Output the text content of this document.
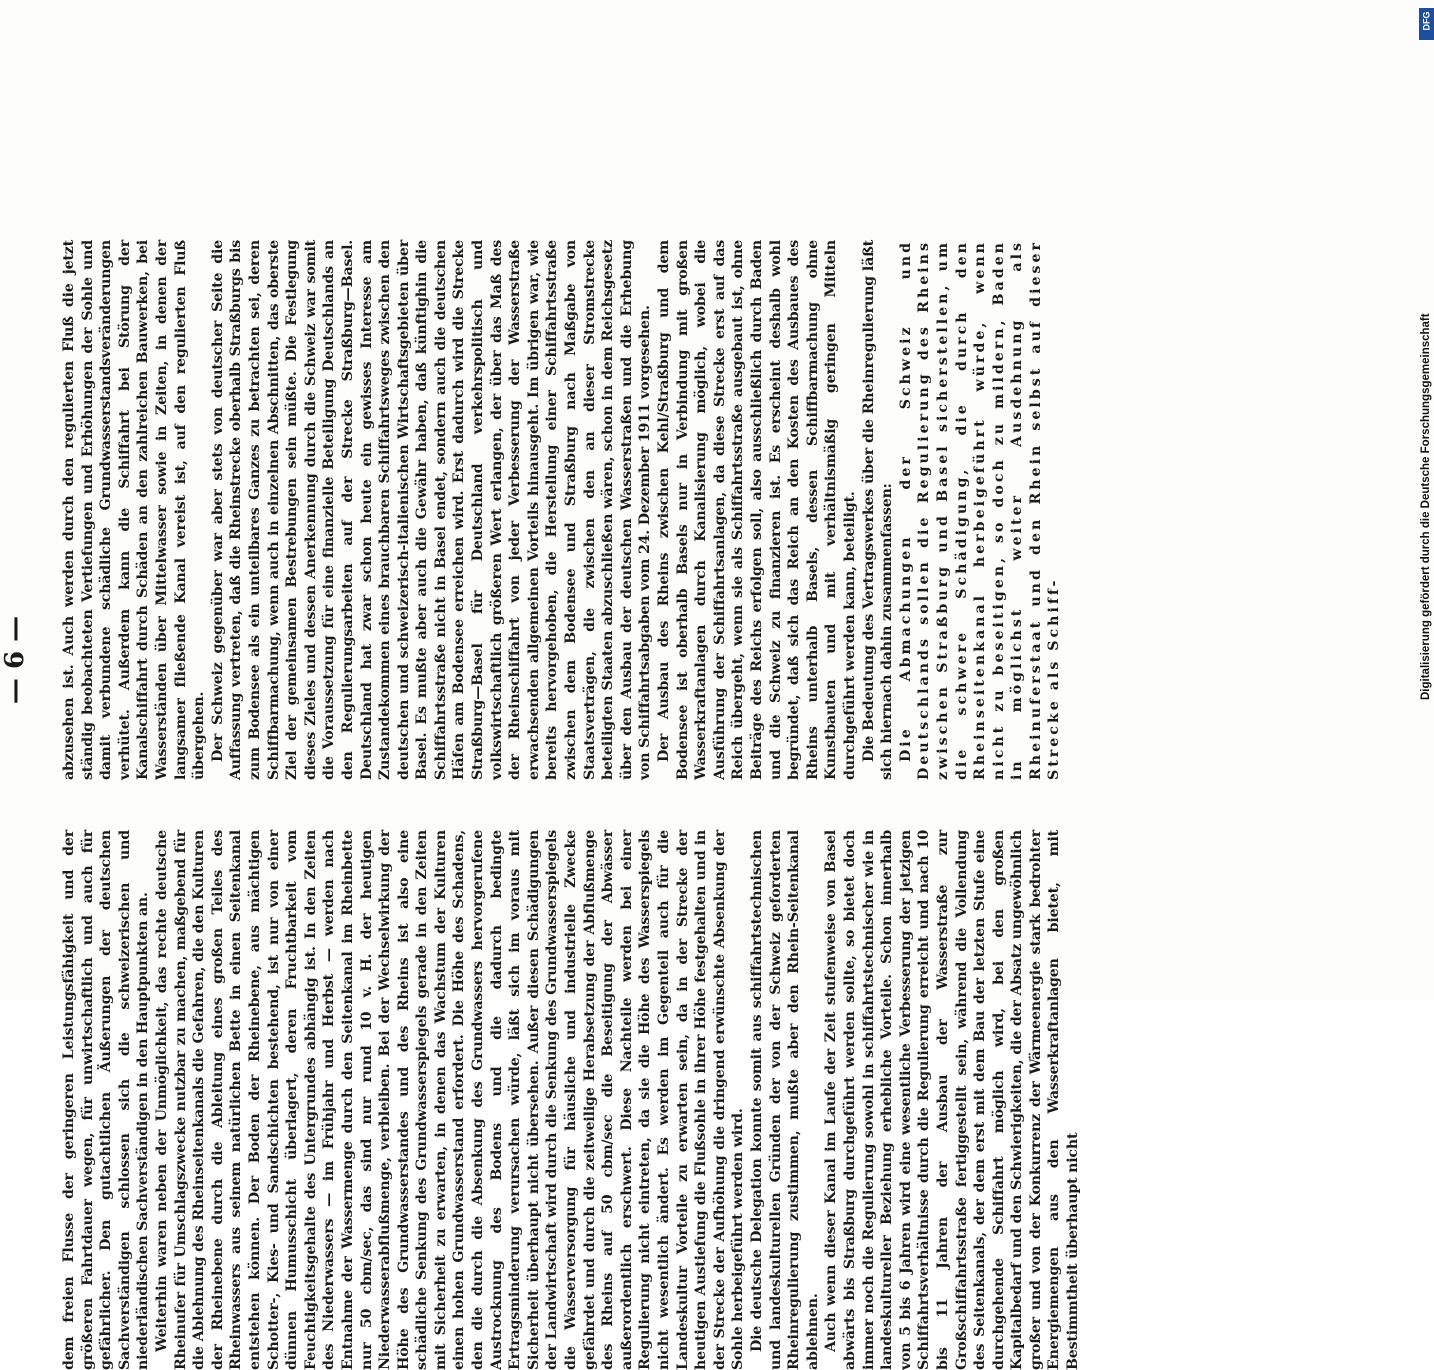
— 6 —

dem freien Flusse der geringeren Leistungsfähigkeit und der größeren Fahrtdauer wegen, für unwirtschaftlich und auch für gefährlicher. Den gutachtlichen Äußerungen der deutschen Sachverständigen schlossen sich die schweizerischen und niederländischen Sachverständigen in den Hauptpunkten an. Weiterhin waren neben der Unmöglichkeit, das rechte deutsche Rheinufer für Umschlagszwecke nutzbar zu machen, maßgebend für die Ablehnung des Rheinseitenkanals die Gefahren, die den Kulturen der Rheinebene durch die Ableitung eines großen Teiles des Rheinwassers aus seinem natürlichen Bette in einen Seitenkanal entstehen können. Der Boden der Rheinebene, aus mächtigen Schotter-, Kies- und Sandschichten bestehend, ist nur von einer dünnen Humusschicht überlagert, deren Fruchtbarkeit vom Feuchtigkeitsgehalte des Untergrundes abhängig ist. In den Zeiten des Niederwassers — im Frühjahr und Herbst — werden nach Entnahme der Wassermenge durch den Seitenkanal im Rheinbette nur 50 cbm/sec, das sind nur rund 10 v. H. der heutigen Niederwasserabflußmenge, verbleiben. Bei der Wechselwirkung der Höhe des Grundwasserstandes und des Rheins ist also eine schädliche Senkung des Grundwasserspiegels gerade in den Zeiten mit Sicherheit zu erwarten, in denen das Wachstum der Kulturen einen hohen Grundwasserstand erfordert. Die Höhe des Schadens, den die durch die Absenkung des Grundwassers hervorgerufene Austrocknung des Bodens und die dadurch bedingte Ertragsminderung verursachen würde, läßt sich im voraus mit Sicherheit überhaupt nicht übersehen. Außer diesen Schädigungen der Landwirtschaft wird durch die Senkung des Grundwasserspiegels die Wasserversorgung für häusliche und industrielle Zwecke gefährdet und durch die zeitweilige Herabsetzung der Abflußmenge des Rheins auf 50 cbm/sec die Beseitigung der Abwässer außerordentlich erschwert. Diese Nachteile werden bei einer Regulierung nicht eintreten, da sie die Höhe des Wasserspiegels nicht wesentlich ändert. Es werden im Gegenteil auch für die Landeskultur Vorteile zu erwarten sein, da in der Strecke der heutigen Austiefung die Flußsohle in ihrer Höhe festgehalten und in der Strecke der Aufhöhung die dringend erwünschte Absenkung der Sohle herbeigeführt werden wird. Die deutsche Delegation konnte somit aus schiffahrtstechnischen und landeskulturellen Gründen der von der Schweiz geforderten Rheinregulierung zustimmen, mußte aber den Rhein-Seitenkanal ablehnen. Auch wenn dieser Kanal im Laufe der Zeit stufenweise von Basel abwärts bis Straßburg durchgeführt werden sollte, so bietet doch immer noch die Regulierung sowohl in schiffahrtstechnischer wie in landeskultureller Beziehung erhebliche Vorteile. Schon innerhalb von 5 bis 6 Jahren wird eine wesentliche Verbesserung der jetzigen Schiffahrtsverhältnisse durch die Regulierung erreicht und nach 10 bis 11 Jahren der Ausbau der Wasserstraße zur Großschiffahrtsstraße fertiggestellt sein, während die Vollendung des Seitenkanals, der dem erst mit dem Bau der letzten Stufe eine durchgehende Schiffahrt möglich wird, bei den großen Kapitalbedarf und den Schwierigkeiten, die der Absatz ungewöhnlich großer und von der Konkurrenz der Wärmeenergie stark bedrohter Energiemengen aus den Wasserkraftanlagen bietet, mit Bestimmtheit überhaupt nicht

abzusehen ist. Auch werden durch den regulierten Fluß die jetzt ständig beobachteten Vertiefungen und Erhöhungen der Sohle und damit verbundene schädliche Grundwasserstandsveränderungen verhütet. Außerdem kann die Schiffahrt bei Störung der Kanalschiffahrt durch Schäden an den zahlreichen Bauwerken, bei Wasserständen über Mittelwasser sowie in Zeiten, in denen der langsamer fließende Kanal vereist ist, auf den regulierten Fluß übergehen. Der Schweiz gegenüber war aber stets von deutscher Seite die Auffassung vertreten, daß die Rheinstrecke oberhalb Straßburgs bis zum Bodensee als ein unteilbares Ganzes zu betrachten sei, deren Schiffbarmachung, wenn auch in einzelnen Abschnitten, das oberste Ziel der gemeinsamen Bestrebungen sein müßte. Die Festlegung dieses Zieles und dessen Anerkennung durch die Schweiz war somit die Voraussetzung für eine finanzielle Beteiligung Deutschlands an den Regulierungsarbeiten auf der Strecke Straßburg—Basel. Deutschland hat zwar schon heute ein gewisses Interesse am Zustandekommen eines brauchbaren Schiffahrtsweges zwischen den deutschen und schweizerisch-italienischen Wirtschaftsgebieten über Basel. Es mußte aber auch die Gewähr haben, daß künftighin die Schiffahrtsstraße nicht in Basel endet, sondern auch die deutschen Häfen am Bodensee erreichen wird. Erst dadurch wird die Strecke Straßburg—Basel für Deutschland verkehrspolitisch und volkswirtschaftlich größeren Wert erlangen, der über das Maß des der Rheinschiffahrt von jeder Verbesserung der Wasserstraße erwachsenden allgemeinen Vorteils hinausgeht. Im übrigen war, wie bereits hervorgehoben, die Herstellung einer Schiffahrtsstraße zwischen dem Bodensee und Straßburg nach Maßgabe von Staatsverträgen, die zwischen den an dieser Stromstrecke beteiligten Staaten abzuschließen wären, schon in dem Reichsgesetz über den Ausbau der deutschen Wasserstraßen und die Erhebung von Schiffahrtsabgaben vom 24. Dezember 1911 vorgesehen. Der Ausbau des Rheins zwischen Kehl/Straßburg und dem Bodensee ist oberhalb Basels nur in Verbindung mit großen Wasserkraftanlagen durch Kanalisierung möglich, wobei die Ausführung der Schiffahrtsanlagen, da diese Strecke erst auf das Reich übergeht, wenn sie als Schiffahrtsstraße ausgebaut ist, ohne Beiträge des Reichs erfolgen soll, also ausschließlich durch Baden und die Schweiz zu finanzieren ist. Es erscheint deshalb wohl begründet, daß sich das Reich an den Kosten des Ausbaues des Rheins unterhalb Basels, dessen Schiffbarmachung ohne Kunstbauten und mit verhältnismäßig geringen Mitteln durchgeführt werden kann, beteiligt. Die Bedeutung des Vertragswerkes über die Rheinregulierung läßt sich hiernach dahin zusammenfassen: Die Abmachungen der Schweiz und Deutschlands sollen die Regulierung des Rheins zwischen Straßburg und Basel sicherstellen, um die schwere Schädigung, die durch den Rheinseitenkanal herbeigeführt würde, wenn nicht zu beseitigen, so doch zu mildern, Baden in möglichst weiter Ausdehnung als Rheinuferstaat und den Rhein selbst auf dieser Strecke als Schiff-

DFG
Digitalisierung gefördert durch die Deutsche Forschungsgemeinschaft
